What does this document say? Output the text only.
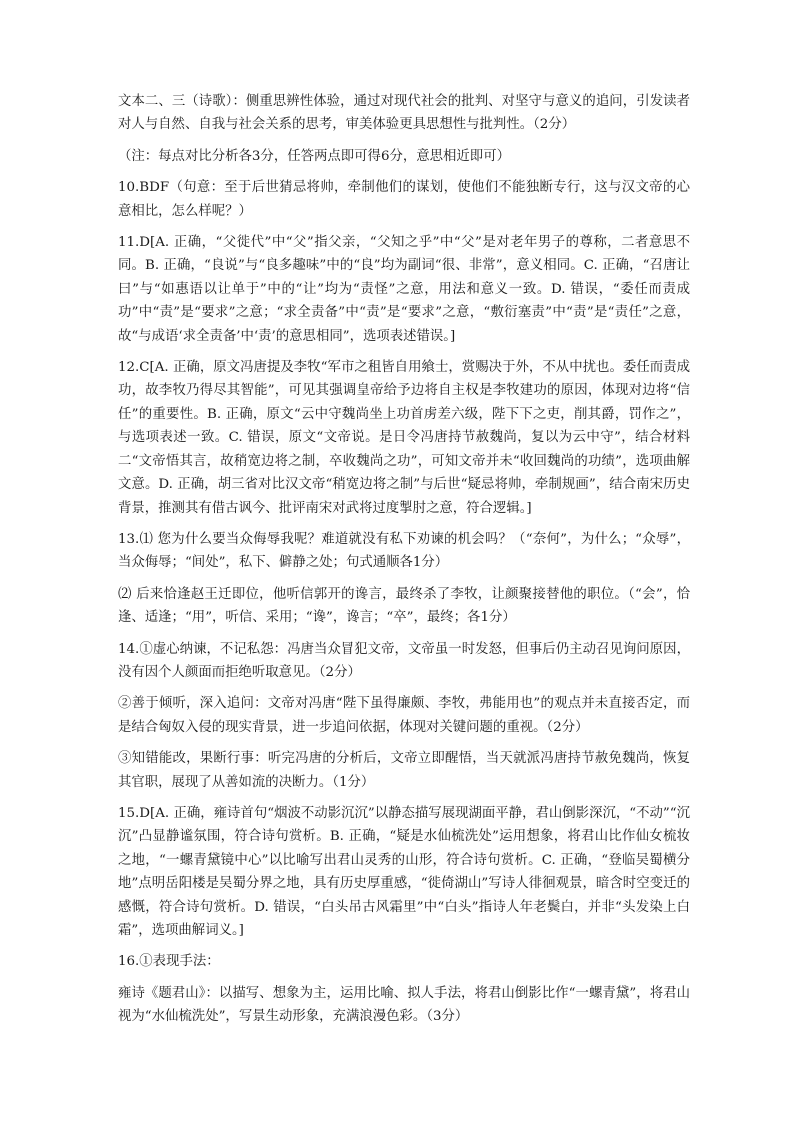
文本二、三（诗歌）：侧重思辨性体验，通过对现代社会的批判、对坚守与意义的追问，引发读者对人与自然、自我与社会关系的思考，审美体验更具思想性与批判性。（2分）

（注：每点对比分析各3分，任答两点即可得6分，意思相近即可）

10.BDF（句意：至于后世猜忌将帅，牵制他们的谋划，使他们不能独断专行，这与汉文帝的心意相比，怎么样呢？）

11.D[A. 正确，“父徙代”中“父”指父亲，“父知之乎”中“父”是对老年男子的尊称，二者意思不同。B. 正确，“良说”与“良多趣味”中的“良”均为副词“很、非常”，意义相同。C. 正确，“召唐让曰”与“如惠语以让单于”中的“让”均为“责怪”之意，用法和意义一致。D. 错误，“委任而责成功”中“责”是“要求”之意；“求全责备”中“责”是“要求”之意，“敷衍塞责”中“责”是“责任”之意，故“与成语‘求全责备’中‘责’的意思相同”，选项表述错误。]

12.C[A. 正确，原文冯唐提及李牧“军市之租皆自用飨士，赏赐决于外，不从中扰也。委任而责成功，故李牧乃得尽其智能”，可见其强调皇帝给予边将自主权是李牧建功的原因，体现对边将“信任”的重要性。B. 正确，原文“云中守魏尚坐上功首虏差六级，陛下下之吏，削其爵，罚作之”，与选项表述一致。C. 错误，原文“文帝说。是日令冯唐持节赦魏尚，复以为云中守”，结合材料二“文帝悟其言，故稍宽边将之制，卒收魏尚之功”，可知文帝并未“收回魏尚的功绩”，选项曲解文意。D. 正确，胡三省对比汉文帝“稍宽边将之制”与后世“疑忌将帅，牵制规画”，结合南宋历史背景，推测其有借古讽今、批评南宋对武将过度掣肘之意，符合逻辑。]

13.⑴ 您为什么要当众侮辱我呢？难道就没有私下劝谏的机会吗？（“奈何”，为什么；“众辱”，当众侮辱；“间处”，私下、僻静之处；句式通顺各1分）

⑵ 后来恰逢赵王迁即位，他听信郭开的谗言，最终杀了李牧，让颜聚接替他的职位。（“会”，恰逢、适逢；“用”，听信、采用；“谗”，谗言；“卒”，最终；各1分）

14.①虚心纳谏，不记私怨：冯唐当众冒犯文帝，文帝虽一时发怒，但事后仍主动召见询问原因，没有因个人颜面而拒绝听取意见。（2分）

②善于倾听，深入追问：文帝对冯唐“陛下虽得廉颇、李牧，弗能用也”的观点并未直接否定，而是结合匈奴入侵的现实背景，进一步追问依据，体现对关键问题的重视。（2分）

③知错能改，果断行事：听完冯唐的分析后，文帝立即醒悟，当天就派冯唐持节赦免魏尚，恢复其官职，展现了从善如流的决断力。（1分）

15.D[A. 正确，雍诗首句“烟波不动影沉沉”以静态描写展现湖面平静，君山倒影深沉，“不动”“沉沉”凸显静谧氛围，符合诗句赏析。B. 正确，“疑是水仙梳洗处”运用想象，将君山比作仙女梳妆之地，“一螺青黛镜中心”以比喻写出君山灵秀的山形，符合诗句赏析。C. 正确，“登临吴蜀横分地”点明岳阳楼是吴蜀分界之地，具有历史厚重感，“徙倚湖山”写诗人徘徊观景，暗含时空变迁的感慨，符合诗句赏析。D. 错误，“白头吊古风霜里”中“白头”指诗人年老鬓白，并非“头发染上白霜”，选项曲解词义。]

16.①表现手法：

雍诗《题君山》：以描写、想象为主，运用比喻、拟人手法，将君山倒影比作“一螺青黛”，将君山视为“水仙梳洗处”，写景生动形象，充满浪漫色彩。（3分）
